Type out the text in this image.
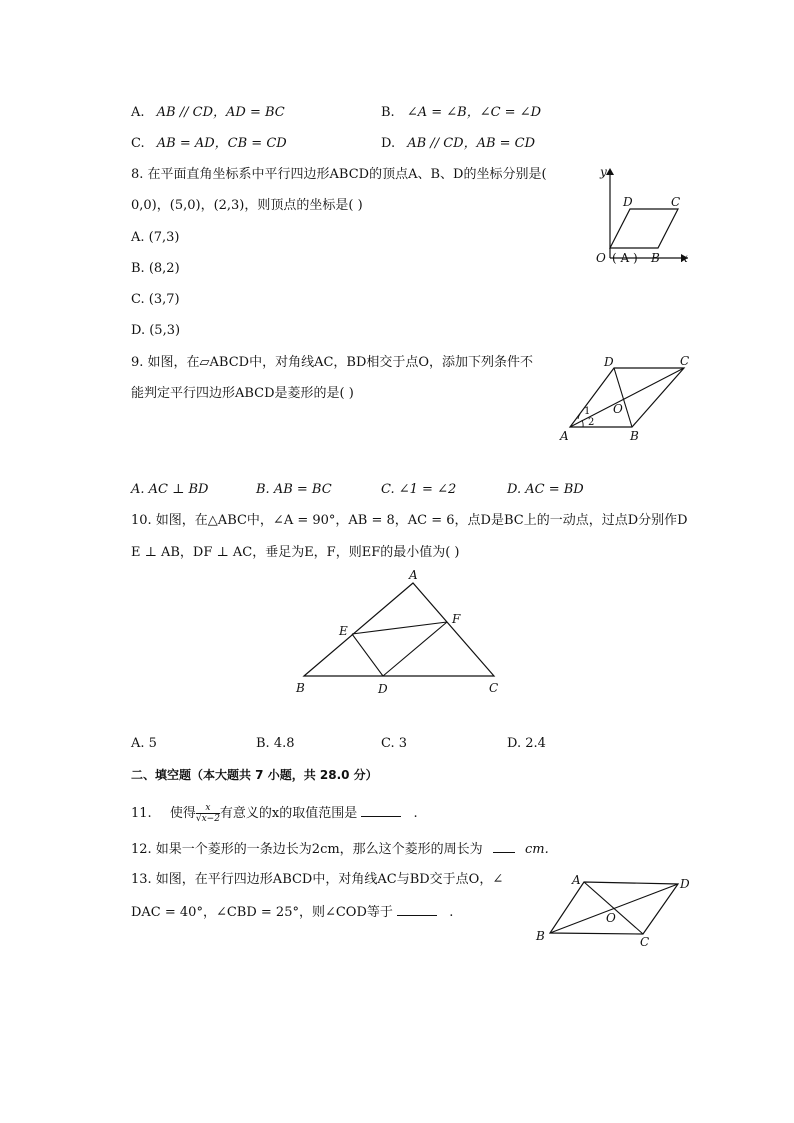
A. AB // CD，AD = BC	B. ∠A = ∠B，∠C = ∠D
C. AB = AD，CB = CD	D. AB // CD，AB = CD
8. 在平面直角坐标系中平行四边形ABCD的顶点A、B、D的坐标分别是(
0,0)，(5,0)，(2,3)，则顶点的坐标是( )
A. (7,3)
B. (8,2)
C. (3,7)
D. (5,3)
y
x
O ( A ) B
C
D
9. 如图，在▱ABCD中，对角线AC，BD相交于点O，添加下列条件不
能判定平行四边形ABCD是菱形的是( )
A	B
C
D
O
1
2
A. AC ⊥ BD	B. AB = BC	C. ∠1 = ∠2	D. AC = BD
10. 如图，在△ABC中，∠A = 90°，AB = 8，AC = 6，点D是BC上的一动点，过点D分别作D
E ⊥ AB，DF ⊥ AC，垂足为E，F，则EF的最小值为( )
A
B	C
D
E
F
A. 5	B. 4.8	C. 3	D. 2.4
二、填空题（本大题共 7 小题，共 28.0 分）
11. 使得 $\frac{x}{√x-2}$ 有意义的x的取值范围是	.
12. 如果一个菱形的一条边长为2cm，那么这个菱形的周长为	cm.
13. 如图，在平行四边形ABCD中，对角线AC与BD交于点O，∠
DAC = 40°，∠CBD = 25°，则∠COD等于	.
A	D
B	C
O
